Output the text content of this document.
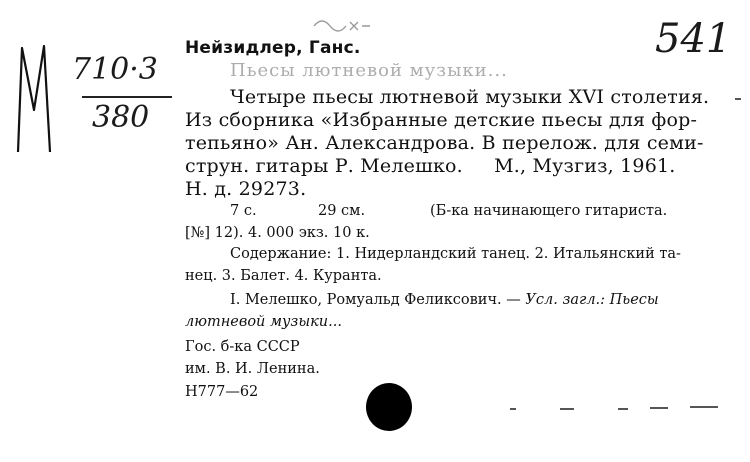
710·3
380
541
Нейзидлер, Ганс.
Пьесы лютневой музыки...
Четыре пьесы лютневой музыки XVI столетия.
Из сборника «Избранные детские пьесы для фор-
тепьяно» Ан. Александрова. В перелож. для семи-
струн. гитары Р. Мелешко.     М., Музгиз, 1961.
Н. д. 29273.
7 с.	29 см.	(Б-ка начинающего гитариста.
[№] 12). 4. 000 экз. 10 к.
Содержание: 1. Нидерландский танец. 2. Итальянский та-
нец. 3. Балет. 4. Куранта.
I. Мелешко, Ромуальд Феликсович. — Усл. загл.: Пьесы
лютневой музыки...
Гос. б-ка СССР
им. В. И. Ленина.
Н777—62
